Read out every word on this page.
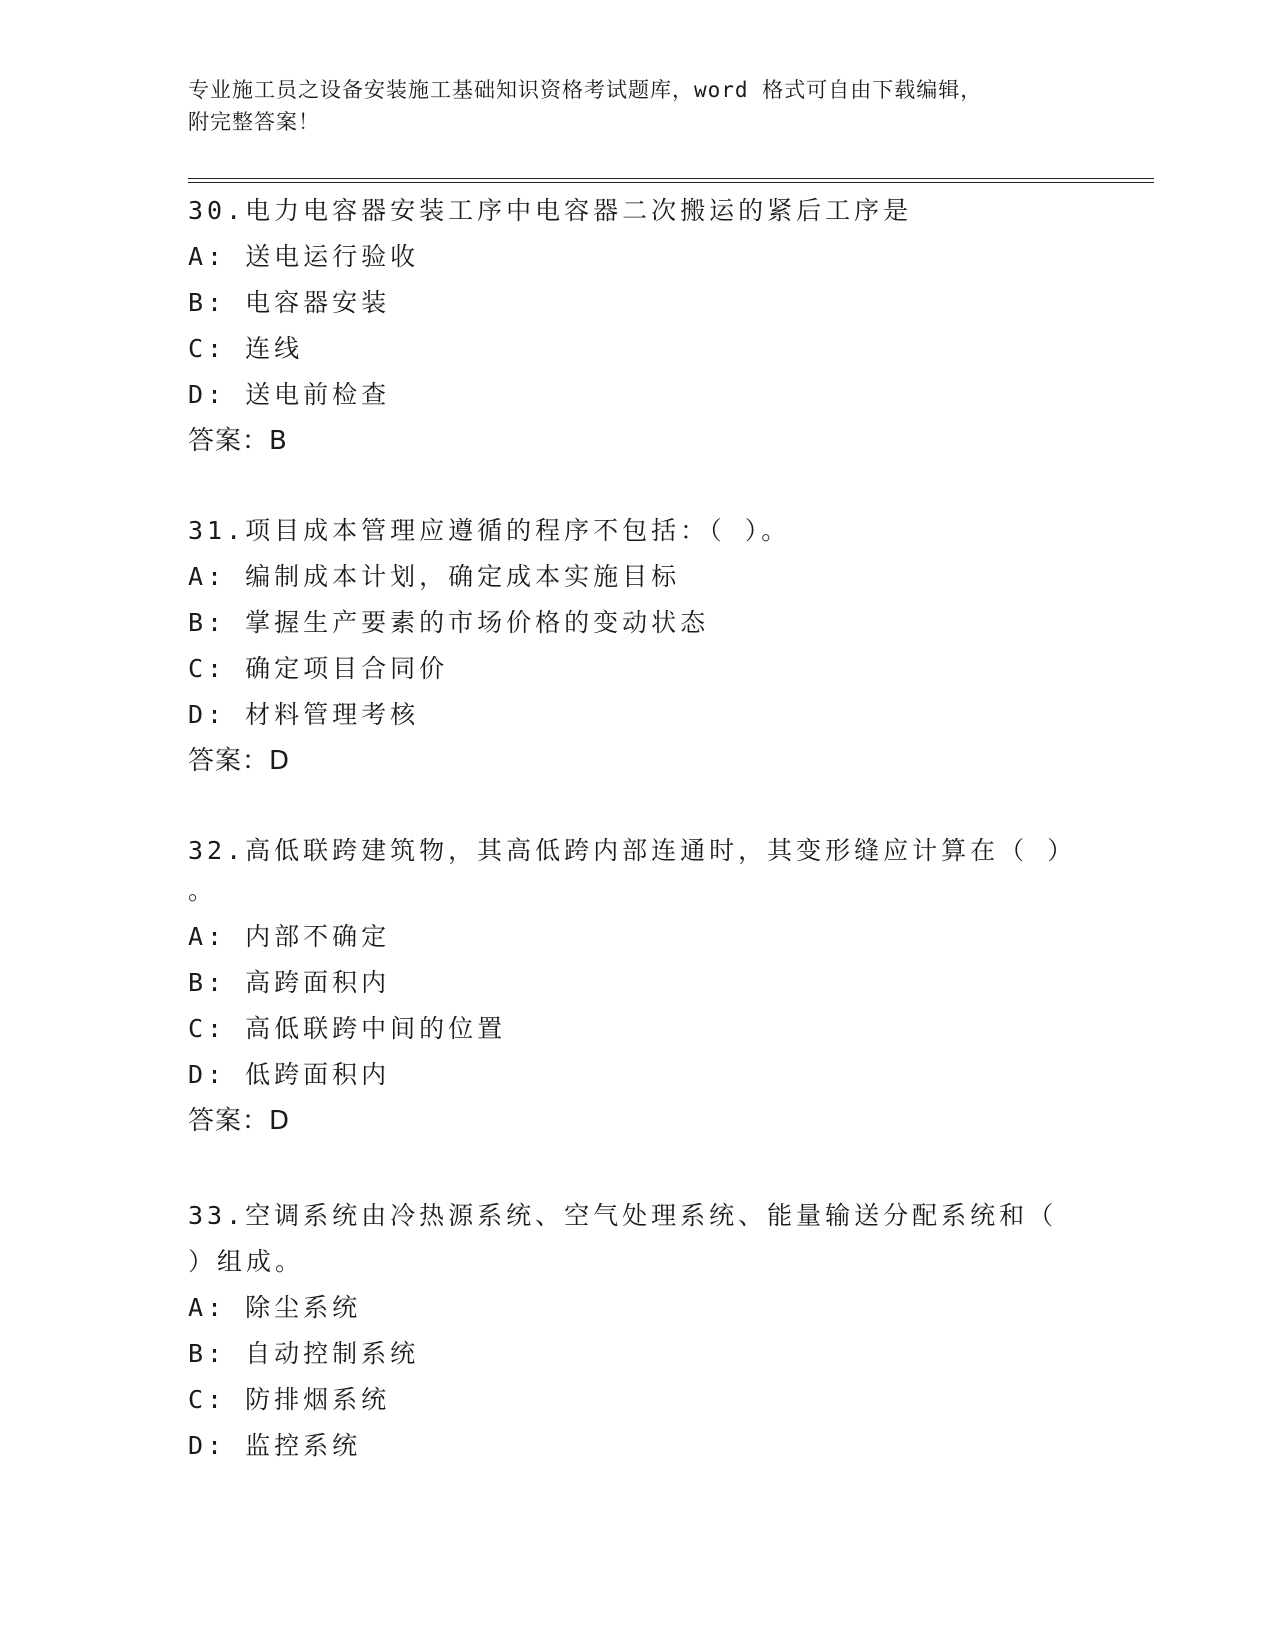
专业施工员之设备安装施工基础知识资格考试题库，word 格式可自由下载编辑，
附完整答案！
30.电力电容器安装工序中电容器二次搬运的紧后工序是
A: 送电运行验收
B: 电容器安装
C: 连线
D: 送电前检查
答案：B
31.项目成本管理应遵循的程序不包括：（ ）。
A: 编制成本计划，确定成本实施目标
B: 掌握生产要素的市场价格的变动状态
C: 确定项目合同价
D: 材料管理考核
答案：D
32.高低联跨建筑物，其高低跨内部连通时，其变形缝应计算在（ ）
。
A: 内部不确定
B: 高跨面积内
C: 高低联跨中间的位置
D: 低跨面积内
答案：D
33.空调系统由冷热源系统、空气处理系统、能量输送分配系统和（
）组成。
A: 除尘系统
B: 自动控制系统
C: 防排烟系统
D: 监控系统
